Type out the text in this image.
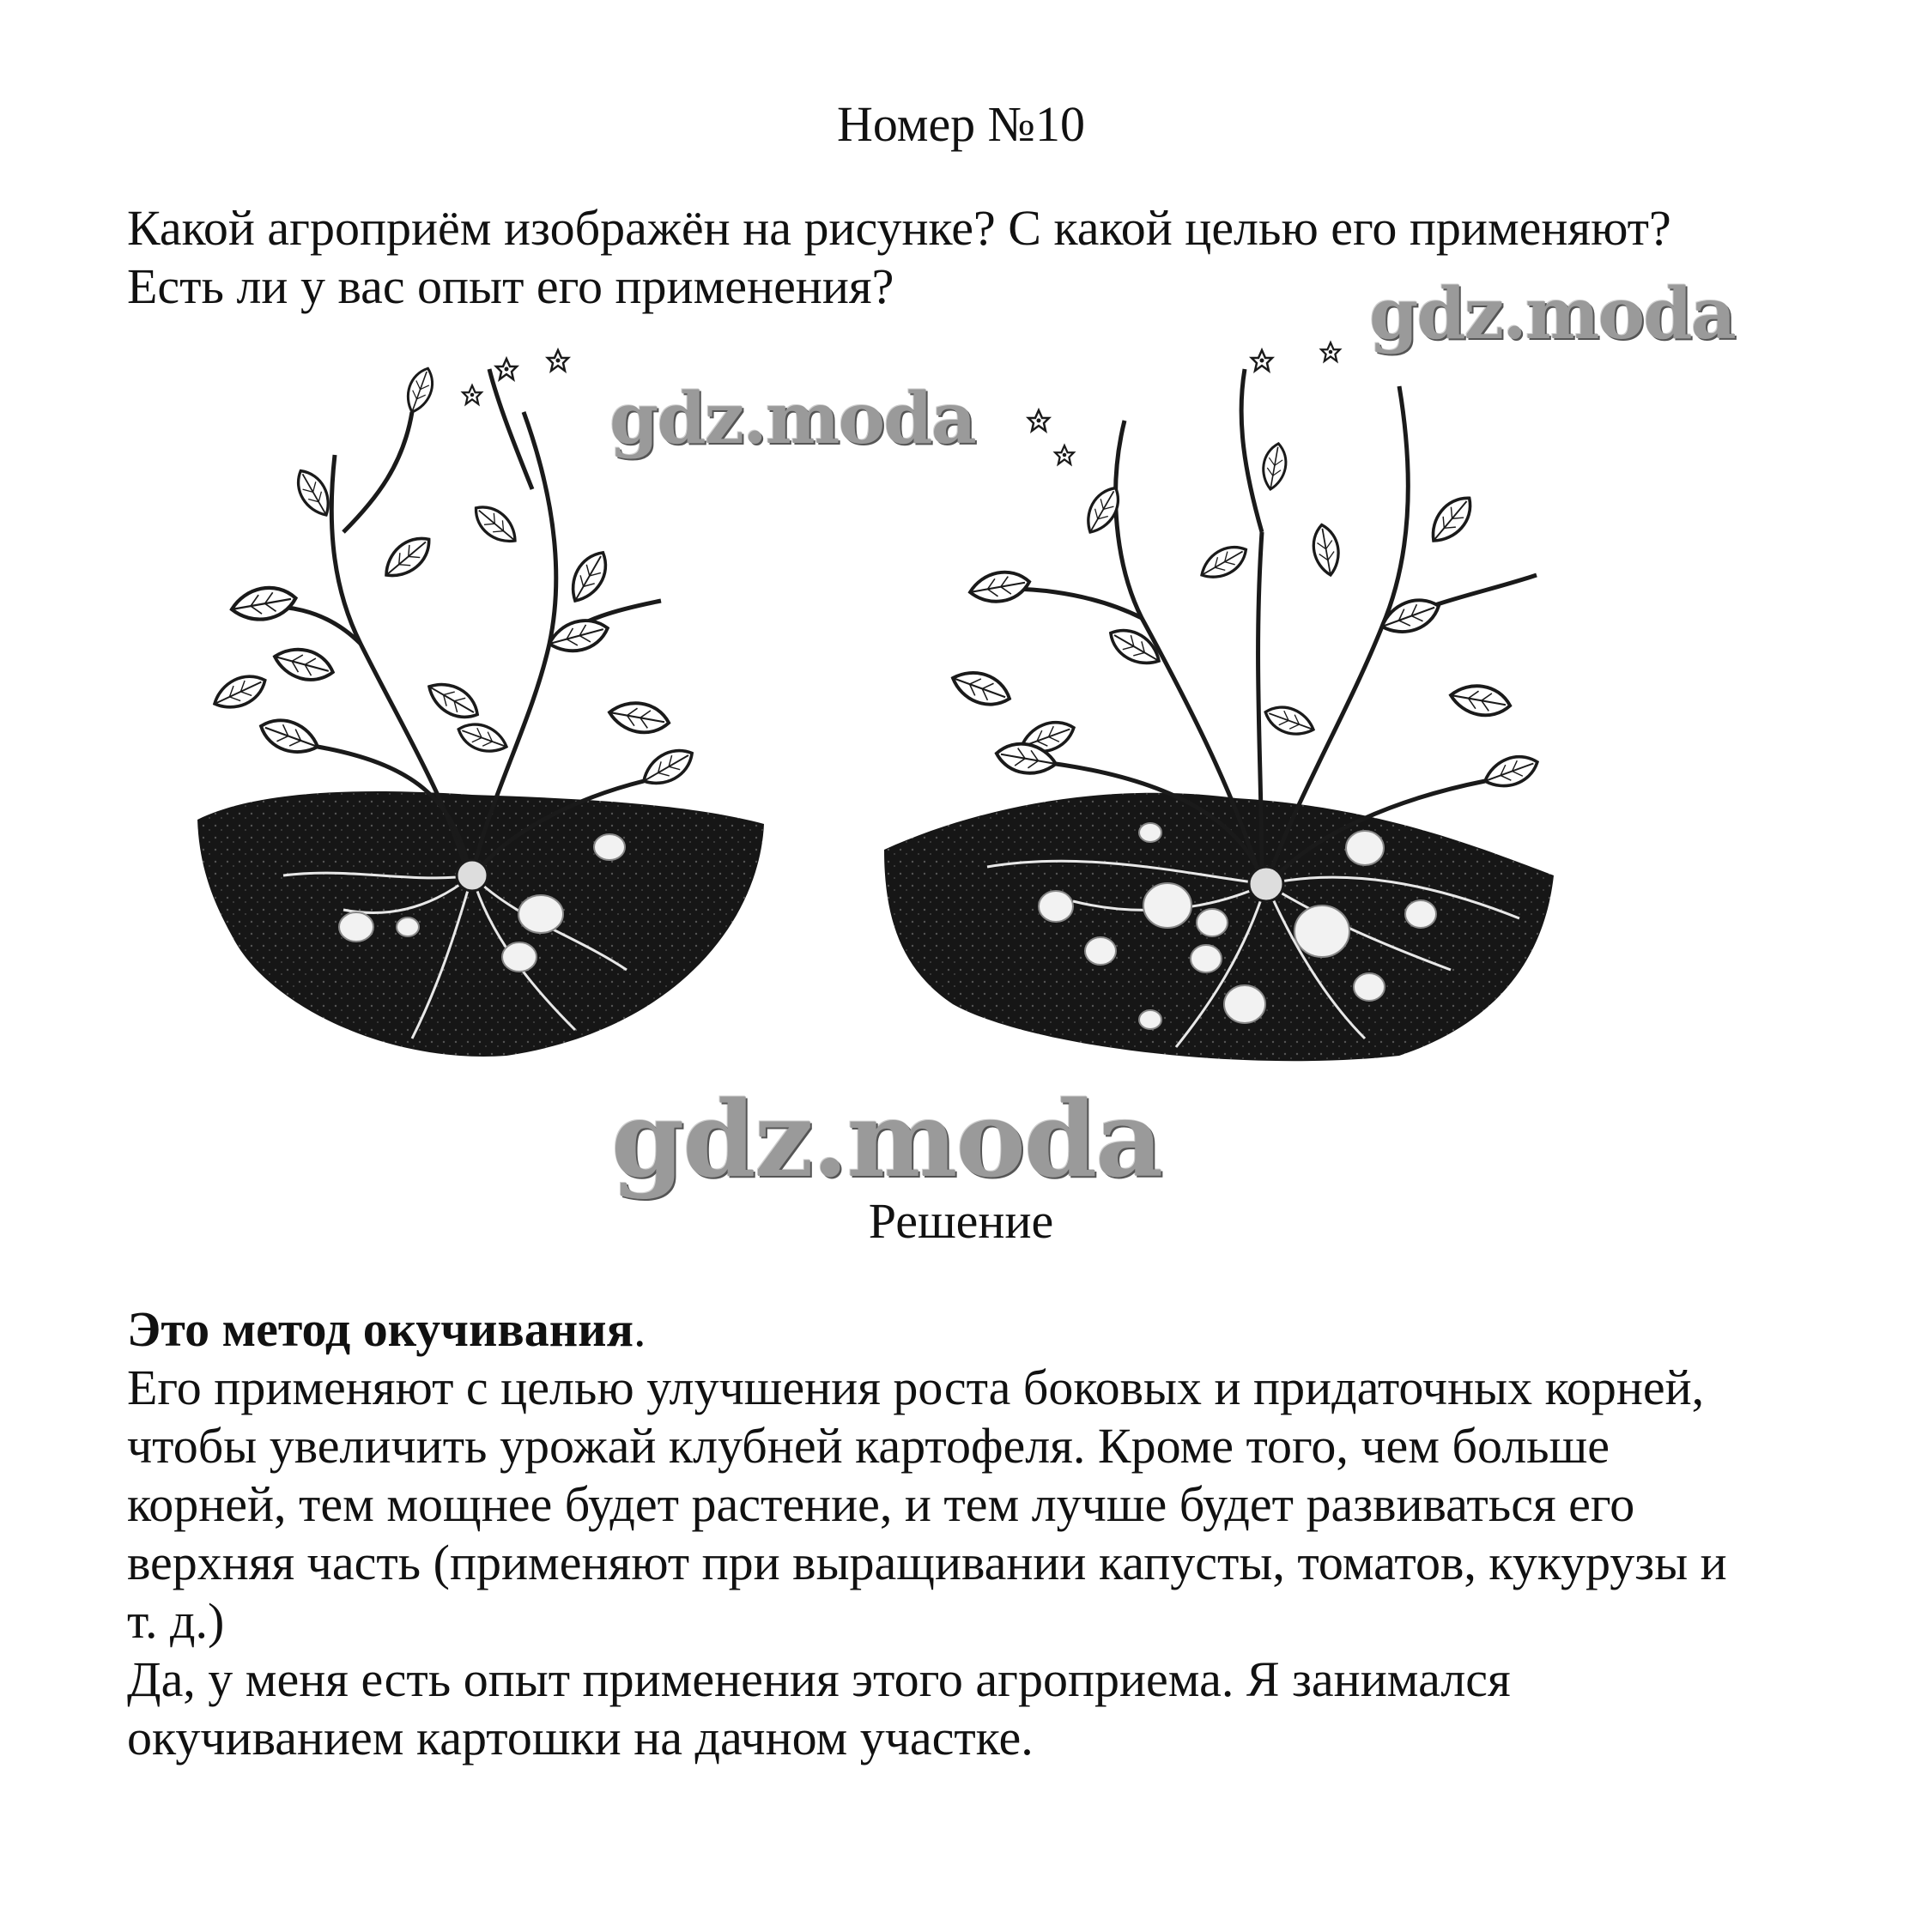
Номер №10
Какой агроприём изображён на рисунке? С какой целью его применяют?
Есть ли у вас опыт его применения?
gdz.moda
gdz.moda
gdz.moda
Решение

Это метод окучивания.

Его применяют с целью улучшения роста боковых и придаточных корней,

чтобы увеличить урожай клубней картофеля. Кроме того, чем больше

корней, тем мощнее будет растение, и тем лучше будет развиваться его

верхняя часть (применяют при выращивании капусты, томатов, кукурузы и

т. д.)

Да, у меня есть опыт применения этого агроприема. Я занимался

окучиванием картошки на дачном участке.
